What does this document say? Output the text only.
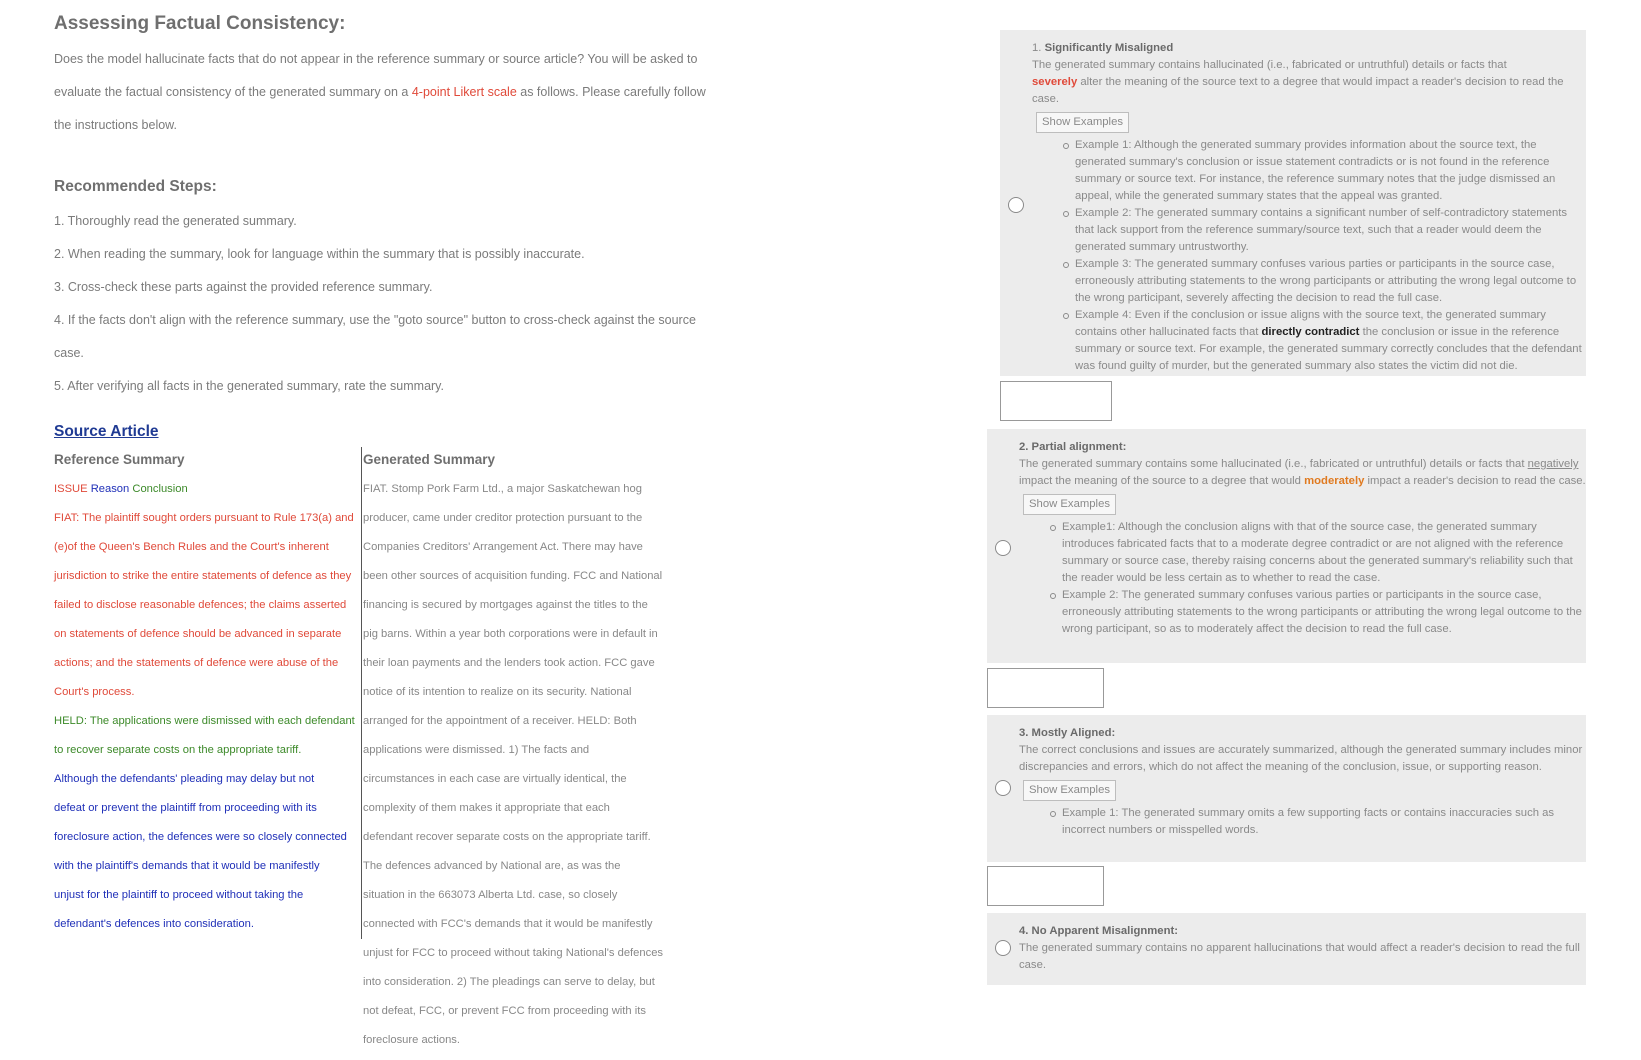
Assessing Factual Consistency:
Does the model hallucinate facts that do not appear in the reference summary or source article? You will be asked to
evaluate the factual consistency of the generated summary on a 4-point Likert scale as follows. Please carefully follow
the instructions below.
Recommended Steps:
1. Thoroughly read the generated summary.
2. When reading the summary, look for language within the summary that is possibly inaccurate.
3. Cross-check these parts against the provided reference summary.
4. If the facts don't align with the reference summary, use the "goto source" button to cross-check against the source
case.
5. After verifying all facts in the generated summary, rate the summary.
Source Article
Reference Summary	Generated Summary
ISSUE Reason Conclusion
FIAT: The plaintiff sought orders pursuant to Rule 173(a) and
(e)of the Queen's Bench Rules and the Court's inherent
jurisdiction to strike the entire statements of defence as they
failed to disclose reasonable defences; the claims asserted
on statements of defence should be advanced in separate
actions; and the statements of defence were abuse of the
Court's process.
HELD: The applications were dismissed with each defendant
to recover separate costs on the appropriate tariff.
Although the defendants' pleading may delay but not
defeat or prevent the plaintiff from proceeding with its
foreclosure action, the defences were so closely connected
with the plaintiff's demands that it would be manifestly
unjust for the plaintiff to proceed without taking the
defendant's defences into consideration.
FIAT. Stomp Pork Farm Ltd., a major Saskatchewan hog
producer, came under creditor protection pursuant to the
Companies Creditors' Arrangement Act. There may have
been other sources of acquisition funding. FCC and National
financing is secured by mortgages against the titles to the
pig barns. Within a year both corporations were in default in
their loan payments and the lenders took action. FCC gave
notice of its intention to realize on its security. National
arranged for the appointment of a receiver. HELD: Both
applications were dismissed. 1) The facts and
circumstances in each case are virtually identical, the
complexity of them makes it appropriate that each
defendant recover separate costs on the appropriate tariff.
The defences advanced by National are, as was the
situation in the 663073 Alberta Ltd. case, so closely
connected with FCC's demands that it would be manifestly
unjust for FCC to proceed without taking National's defences
into consideration. 2) The pleadings can serve to delay, but
not defeat, FCC, or prevent FCC from proceeding with its
foreclosure actions.

1. Significantly Misaligned

The generated summary contains hallucinated (i.e., fabricated or untruthful) details or facts that
severely alter the meaning of the source text to a degree that would impact a reader's decision to read the case.

Show Examples
Example 1: Although the generated summary provides information about the source text, the generated summary's conclusion or issue statement contradicts or is not found in the reference summary or source text. For instance, the reference summary notes that the judge dismissed an appeal, while the generated summary states that the appeal was granted.
Example 2: The generated summary contains a significant number of self-contradictory statements that lack support from the reference summary/source text, such that a reader would deem the generated summary untrustworthy.
Example 3: The generated summary confuses various parties or participants in the source case, erroneously attributing statements to the wrong participants or attributing the wrong legal outcome to the wrong participant, severely affecting the decision to read the full case.
Example 4: Even if the conclusion or issue aligns with the source text, the generated summary contains other hallucinated facts that directly contradict the conclusion or issue in the reference summary or source text. For example, the generated summary correctly concludes that the defendant was found guilty of murder, but the generated summary also states the victim did not die.

2. Partial alignment:

The generated summary contains some hallucinated (i.e., fabricated or untruthful) details or facts that negatively impact the meaning of the source to a degree that would moderately impact a reader's decision to read the case.

Show Examples
Example1: Although the conclusion aligns with that of the source case, the generated summary introduces fabricated facts that to a moderate degree contradict or are not aligned with the reference summary or source case, thereby raising concerns about the generated summary's reliability such that the reader would be less certain as to whether to read the case.
Example 2: The generated summary confuses various parties or participants in the source case, erroneously attributing statements to the wrong participants or attributing the wrong legal outcome to the wrong participant, so as to moderately affect the decision to read the full case.

3. Mostly Aligned:

The correct conclusions and issues are accurately summarized, although the generated summary includes minor discrepancies and errors, which do not affect the meaning of the conclusion, issue, or supporting reason.

Show Examples
Example 1: The generated summary omits a few supporting facts or contains inaccuracies such as incorrect numbers or misspelled words.

4. No Apparent Misalignment:

The generated summary contains no apparent hallucinations that would affect a reader's decision to read the full case.
